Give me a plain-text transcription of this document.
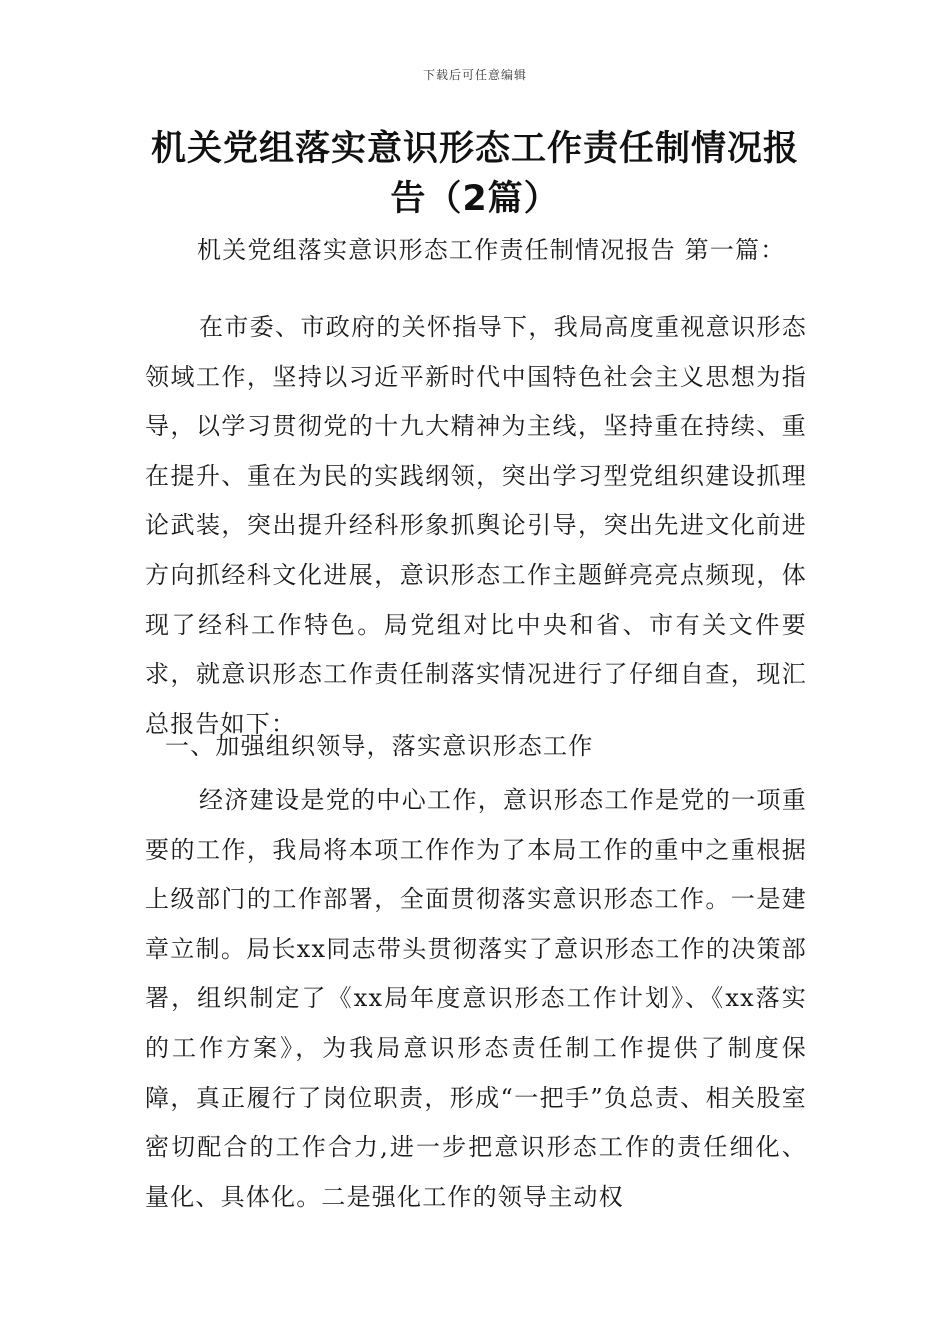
下载后可任意编辑
机关党组落实意识形态工作责任制情况报告（2篇）
机关党组落实意识形态工作责任制情况报告 第一篇：

在市委、市政府的关怀指导下，我局高度重视意识形态领域工作，坚持以习近平新时代中国特色社会主义思想为指导，以学习贯彻党的十九大精神为主线，坚持重在持续、重在提升、重在为民的实践纲领，突出学习型党组织建设抓理论武装，突出提升经科形象抓舆论引导，突出先进文化前进方向抓经科文化进展，意识形态工作主题鲜亮亮点频现，体现了经科工作特色。局党组对比中央和省、市有关文件要求，就意识形态工作责任制落实情况进行了仔细自查，现汇总报告如下：

一、加强组织领导，落实意识形态工作

经济建设是党的中心工作，意识形态工作是党的一项重要的工作，我局将本项工作作为了本局工作的重中之重根据上级部门的工作部署，全面贯彻落实意识形态工作。一是建章立制。局长xx同志带头贯彻落实了意识形态工作的决策部署，组织制定了《xx局年度意识形态工作计划》、《xx落实的工作方案》，为我局意识形态责任制工作提供了制度保障，真正履行了岗位职责，形成“一把手”负总责、相关股室密切配合的工作合力,进一步把意识形态工作的责任细化、量化、具体化。二是强化工作的领导主动权
